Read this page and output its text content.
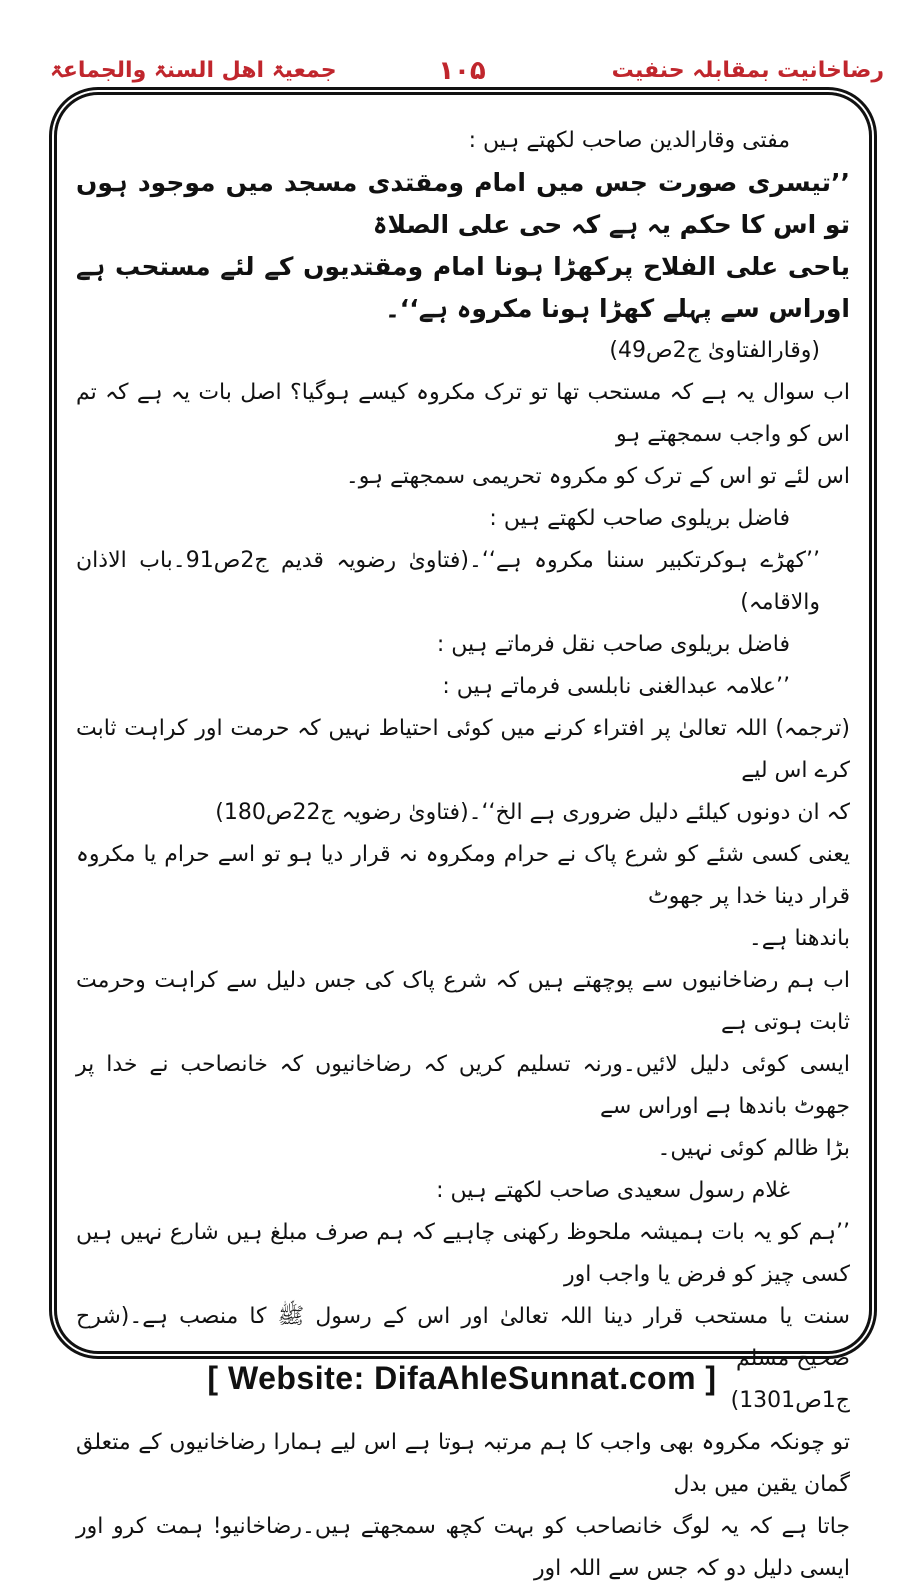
رضاخانیت بمقابلہ حنفیت
۱۰۵
جمعیۃ اھل السنۃ والجماعۃ

مفتی وقارالدین صاحب لکھتے ہیں :

’’تیسری صورت جس میں امام ومقتدی مسجد میں موجود ہوں تو اس کا حکم یہ ہے کہ حی علی الصلاۃ

یاحی علی الفلاح پرکھڑا ہونا امام ومقتدیوں کے لئے مستحب ہے اوراس سے پہلے کھڑا ہونا مکروہ ہے‘‘۔

(وقارالفتاویٰ ج2ص49)

اب سوال یہ ہے کہ مستحب تھا تو ترک مکروہ کیسے ہوگیا؟ اصل بات یہ ہے کہ تم اس کو واجب سمجھتے ہو

اس لئے تو اس کے ترک کو مکروہ تحریمی سمجھتے ہو۔

فاضل بریلوی صاحب لکھتے ہیں :

’’کھڑے ہوکرتکبیر سننا مکروہ ہے‘‘۔(فتاویٰ رضویہ قدیم ج2ص91۔باب الاذان والاقامہ)

فاضل بریلوی صاحب نقل فرماتے ہیں :

’’علامہ عبدالغنی نابلسی فرماتے ہیں :

(ترجمہ) اللہ تعالیٰ پر افتراء کرنے میں کوئی احتیاط نہیں کہ حرمت اور کراہت ثابت کرے اس لیے

کہ ان دونوں کیلئے دلیل ضروری ہے الخ‘‘۔(فتاویٰ رضویہ ج22ص180)

یعنی کسی شئے کو شرع پاک نے حرام ومکروہ نہ قرار دیا ہو تو اسے حرام یا مکروہ قرار دینا خدا پر جھوٹ

باندھنا ہے۔

اب ہم رضاخانیوں سے پوچھتے ہیں کہ شرع پاک کی جس دلیل سے کراہت وحرمت ثابت ہوتی ہے

ایسی کوئی دلیل لائیں۔ورنہ تسلیم کریں کہ رضاخانیوں کہ خانصاحب نے خدا پر جھوٹ باندھا ہے اوراس سے

بڑا ظالم کوئی نہیں۔

غلام رسول سعیدی صاحب لکھتے ہیں :

’’ہم کو یہ بات ہمیشہ ملحوظ رکھنی چاہیے کہ ہم صرف مبلغ ہیں شارع نہیں ہیں کسی چیز کو فرض یا واجب اور

سنت یا مستحب قرار دینا اللہ تعالیٰ اور اس کے رسول ﷺ کا منصب ہے۔(شرح صحیح مسلم

ج1ص1301)

تو چونکہ مکروہ بھی واجب کا ہم مرتبہ ہوتا ہے اس لیے ہمارا رضاخانیوں کے متعلق گمان یقین میں بدل

جاتا ہے کہ یہ لوگ خانصاحب کو بہت کچھ سمجھتے ہیں۔رضاخانیو! ہمت کرو اور ایسی دلیل دو کہ جس سے اللہ اور

[ Website: DifaAhleSunnat.com ]
